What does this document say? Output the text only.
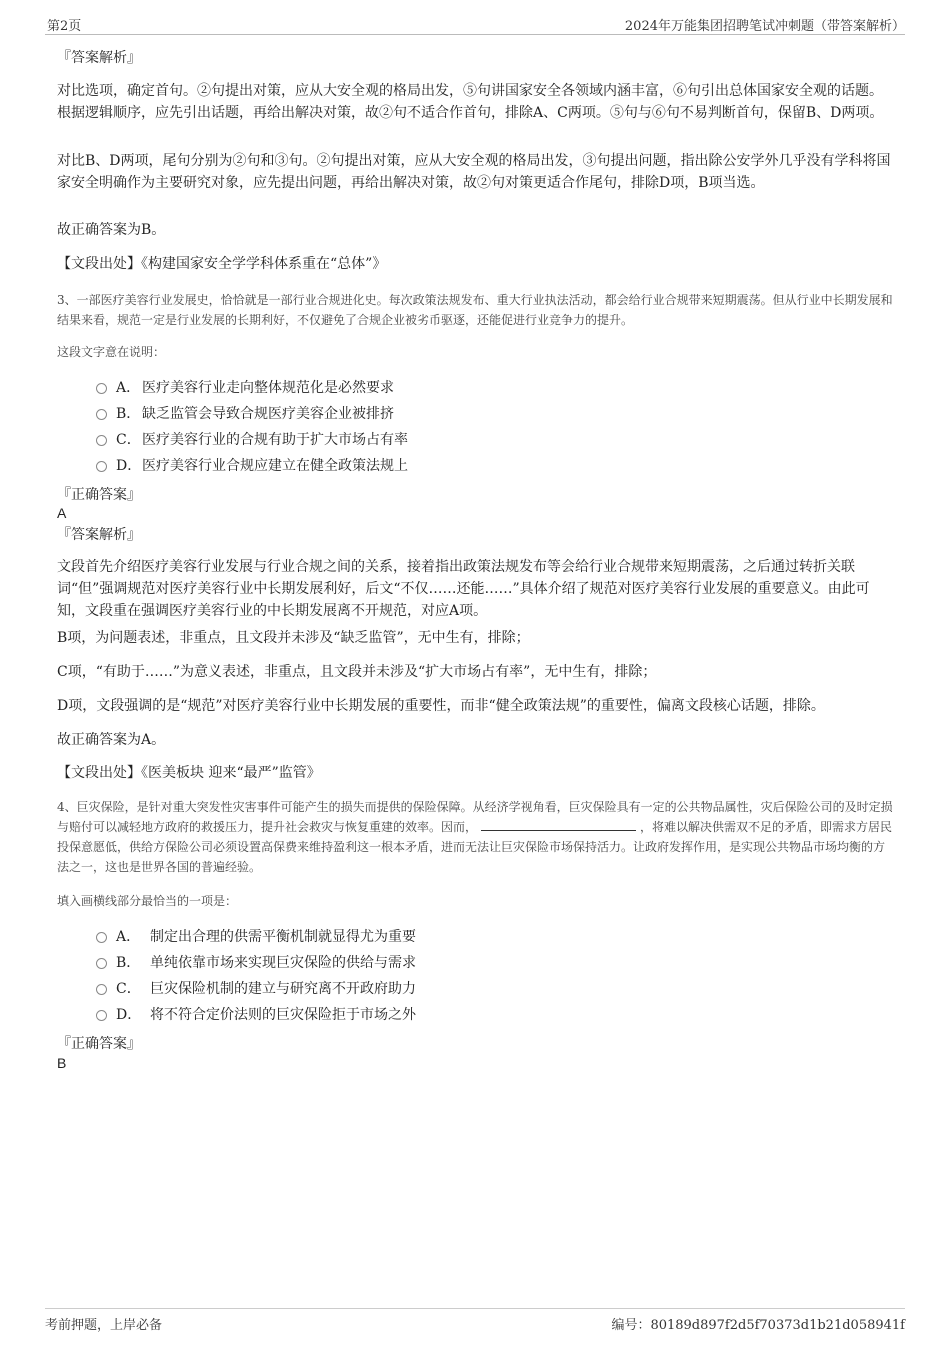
第2页	2024年万能集团招聘笔试冲刺题（带答案解析）
『答案解析』
对比选项，确定首句。②句提出对策，应从大安全观的格局出发，⑤句讲国家安全各领域内涵丰富，⑥句引出总体国家安全观的话题。根据逻辑顺序，应先引出话题，再给出解决对策，故②句不适合作首句，排除A、C两项。⑤句与⑥句不易判断首句，保留B、D两项。
对比B、D两项，尾句分别为②句和③句。②句提出对策，应从大安全观的格局出发，③句提出问题，指出除公安学外几乎没有学科将国家安全明确作为主要研究对象，应先提出问题，再给出解决对策，故②句对策更适合作尾句，排除D项，B项当选。
故正确答案为B。
【文段出处】《构建国家安全学学科体系重在“总体”》
3、一部医疗美容行业发展史，恰恰就是一部行业合规进化史。每次政策法规发布、重大行业执法活动，都会给行业合规带来短期震荡。但从行业中长期发展和结果来看，规范一定是行业发展的长期利好，不仅避免了合规企业被劣币驱逐，还能促进行业竞争力的提升。
这段文字意在说明：
A． 医疗美容行业走向整体规范化是必然要求
B． 缺乏监管会导致合规医疗美容企业被排挤
C．医疗美容行业的合规有助于扩大市场占有率
D．医疗美容行业合规应建立在健全政策法规上
『正确答案』
A
『答案解析』
文段首先介绍医疗美容行业发展与行业合规之间的关系，接着指出政策法规发布等会给行业合规带来短期震荡，之后通过转折关联词“但”强调规范对医疗美容行业中长期发展利好，后文“不仅……还能……”具体介绍了规范对医疗美容行业发展的重要意义。由此可知，文段重在强调医疗美容行业的中长期发展离不开规范，对应A项。
B项，为问题表述，非重点，且文段并未涉及“缺乏监管”，无中生有，排除；
C项，“有助于……”为意义表述，非重点，且文段并未涉及“扩大市场占有率”，无中生有，排除；
D项，文段强调的是“规范”对医疗美容行业中长期发展的重要性，而非“健全政策法规”的重要性，偏离文段核心话题，排除。
故正确答案为A。
【文段出处】《医美板块 迎来“最严”监管》
4、巨灾保险，是针对重大突发性灾害事件可能产生的损失而提供的保险保障。从经济学视角看，巨灾保险具有一定的公共物品属性，灾后保险公司的及时定损与赔付可以减轻地方政府的救援压力，提升社会救灾与恢复重建的效率。因而，	，将难以解决供需双不足的矛盾，即需求方居民投保意愿低，供给方保险公司必须设置高保费来维持盈利这一根本矛盾，进而无法让巨灾保险市场保持活力。让政府发挥作用，是实现公共物品市场均衡的方法之一，这也是世界各国的普遍经验。
填入画横线部分最恰当的一项是：
A． 制定出合理的供需平衡机制就显得尤为重要
B． 单纯依靠市场来实现巨灾保险的供给与需求
C． 巨灾保险机制的建立与研究离不开政府助力
D． 将不符合定价法则的巨灾保险拒于市场之外
『正确答案』
B
考前押题，上岸必备	编号：80189d897f2d5f70373d1b21d058941f
